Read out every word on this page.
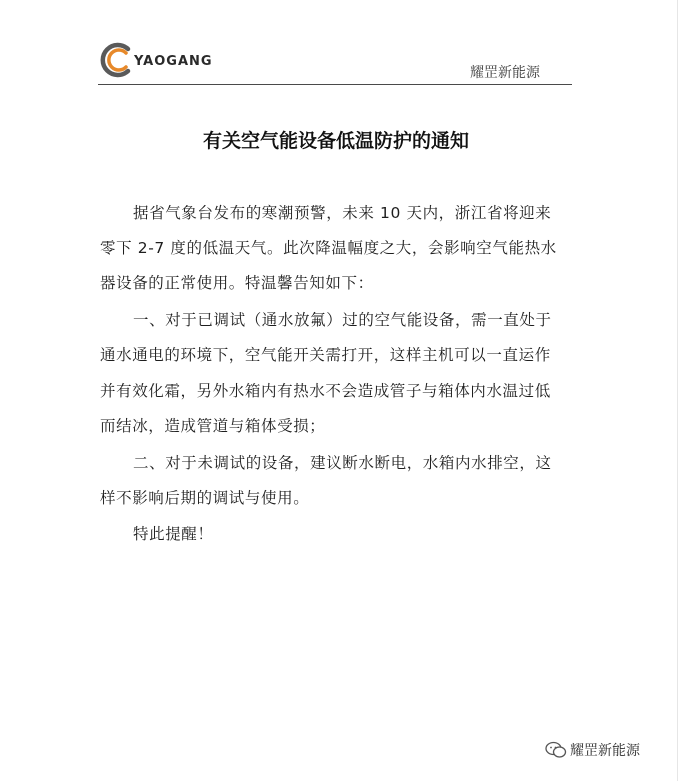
YAOGANG
耀罡新能源
有关空气能设备低温防护的通知
据省气象台发布的寒潮预警，未来 10 天内，浙江省将迎来
零下 2-7 度的低温天气。此次降温幅度之大，会影响空气能热水
器设备的正常使用。特温馨告知如下：
一、对于已调试（通水放氟）过的空气能设备，需一直处于
通水通电的环境下，空气能开关需打开，这样主机可以一直运作
并有效化霜，另外水箱内有热水不会造成管子与箱体内水温过低
而结冰，造成管道与箱体受损；
二、对于未调试的设备，建议断水断电，水箱内水排空，这
样不影响后期的调试与使用。
特此提醒！
耀罡新能源
